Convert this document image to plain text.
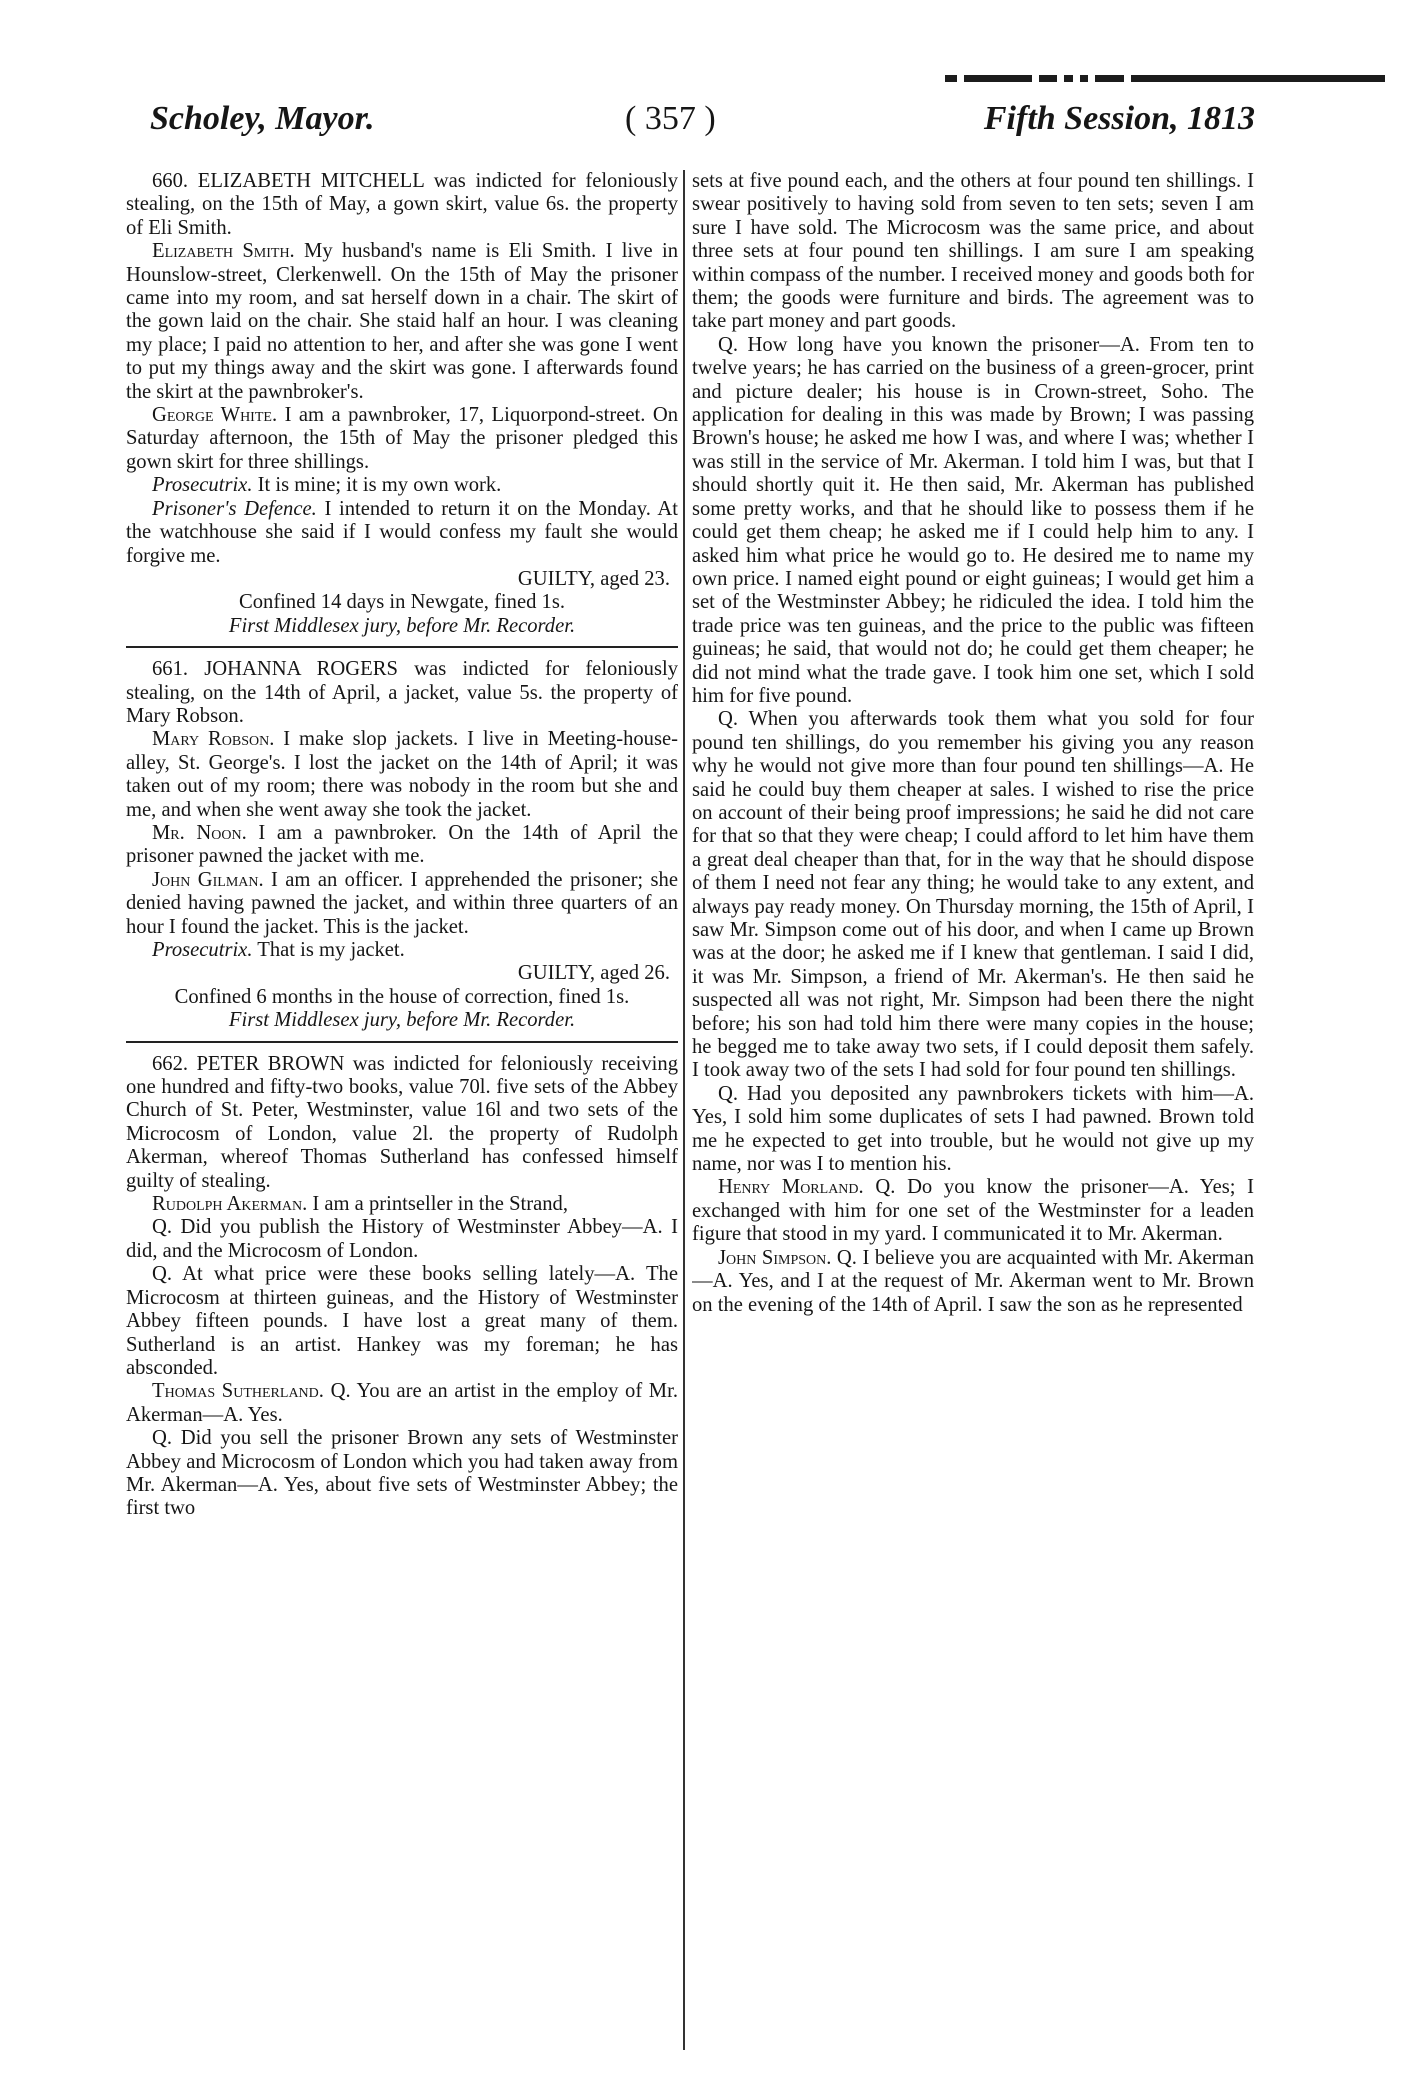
Scholey, Mayor.	( 357 )	Fifth Session, 1813

660. ELIZABETH MITCHELL was indicted for feloniously stealing, on the 15th of May, a gown skirt, value 6s. the property of Eli Smith.

Elizabeth Smith. My husband's name is Eli Smith. I live in Hounslow-street, Clerkenwell. On the 15th of May the prisoner came into my room, and sat herself down in a chair. The skirt of the gown laid on the chair. She staid half an hour. I was cleaning my place; I paid no attention to her, and after she was gone I went to put my things away and the skirt was gone. I afterwards found the skirt at the pawnbroker's.

George White. I am a pawnbroker, 17, Liquorpond-street. On Saturday afternoon, the 15th of May the prisoner pledged this gown skirt for three shillings.

Prosecutrix. It is mine; it is my own work.

Prisoner's Defence. I intended to return it on the Monday. At the watchhouse she said if I would confess my fault she would forgive me.

GUILTY, aged 23.

Confined 14 days in Newgate, fined 1s.

First Middlesex jury, before Mr. Recorder.

661. JOHANNA ROGERS was indicted for feloniously stealing, on the 14th of April, a jacket, value 5s. the property of Mary Robson.

Mary Robson. I make slop jackets. I live in Meeting-house-alley, St. George's. I lost the jacket on the 14th of April; it was taken out of my room; there was nobody in the room but she and me, and when she went away she took the jacket.

Mr. Noon. I am a pawnbroker. On the 14th of April the prisoner pawned the jacket with me.

John Gilman. I am an officer. I apprehended the prisoner; she denied having pawned the jacket, and within three quarters of an hour I found the jacket. This is the jacket.

Prosecutrix. That is my jacket.

GUILTY, aged 26.

Confined 6 months in the house of correction, fined 1s.

First Middlesex jury, before Mr. Recorder.

662. PETER BROWN was indicted for feloniously receiving one hundred and fifty-two books, value 70l. five sets of the Abbey Church of St. Peter, Westminster, value 16l and two sets of the Microcosm of London, value 2l. the property of Rudolph Akerman, whereof Thomas Sutherland has confessed himself guilty of stealing.

Rudolph Akerman. I am a printseller in the Strand,

Q. Did you publish the History of Westminster Abbey—A. I did, and the Microcosm of London.

Q. At what price were these books selling lately—A. The Microcosm at thirteen guineas, and the History of Westminster Abbey fifteen pounds. I have lost a great many of them. Sutherland is an artist. Hankey was my foreman; he has absconded.

Thomas Sutherland. Q. You are an artist in the employ of Mr. Akerman—A. Yes.

Q. Did you sell the prisoner Brown any sets of Westminster Abbey and Microcosm of London which you had taken away from Mr. Akerman—A. Yes, about five sets of Westminster Abbey; the first two

sets at five pound each, and the others at four pound ten shillings. I swear positively to having sold from seven to ten sets; seven I am sure I have sold. The Microcosm was the same price, and about three sets at four pound ten shillings. I am sure I am speaking within compass of the number. I received money and goods both for them; the goods were furniture and birds. The agreement was to take part money and part goods.

Q. How long have you known the prisoner—A. From ten to twelve years; he has carried on the business of a green-grocer, print and picture dealer; his house is in Crown-street, Soho. The application for dealing in this was made by Brown; I was passing Brown's house; he asked me how I was, and where I was; whether I was still in the service of Mr. Akerman. I told him I was, but that I should shortly quit it. He then said, Mr. Akerman has published some pretty works, and that he should like to possess them if he could get them cheap; he asked me if I could help him to any. I asked him what price he would go to. He desired me to name my own price. I named eight pound or eight guineas; I would get him a set of the Westminster Abbey; he ridiculed the idea. I told him the trade price was ten guineas, and the price to the public was fifteen guineas; he said, that would not do; he could get them cheaper; he did not mind what the trade gave. I took him one set, which I sold him for five pound.

Q. When you afterwards took them what you sold for four pound ten shillings, do you remember his giving you any reason why he would not give more than four pound ten shillings—A. He said he could buy them cheaper at sales. I wished to rise the price on account of their being proof impressions; he said he did not care for that so that they were cheap; I could afford to let him have them a great deal cheaper than that, for in the way that he should dispose of them I need not fear any thing; he would take to any extent, and always pay ready money. On Thursday morning, the 15th of April, I saw Mr. Simpson come out of his door, and when I came up Brown was at the door; he asked me if I knew that gentleman. I said I did, it was Mr. Simpson, a friend of Mr. Akerman's. He then said he suspected all was not right, Mr. Simpson had been there the night before; his son had told him there were many copies in the house; he begged me to take away two sets, if I could deposit them safely. I took away two of the sets I had sold for four pound ten shillings.

Q. Had you deposited any pawnbrokers tickets with him—A. Yes, I sold him some duplicates of sets I had pawned. Brown told me he expected to get into trouble, but he would not give up my name, nor was I to mention his.

Henry Morland. Q. Do you know the prisoner—A. Yes; I exchanged with him for one set of the Westminster for a leaden figure that stood in my yard. I communicated it to Mr. Akerman.

John Simpson. Q. I believe you are acquainted with Mr. Akerman—A. Yes, and I at the request of Mr. Akerman went to Mr. Brown on the evening of the 14th of April. I saw the son as he represented
